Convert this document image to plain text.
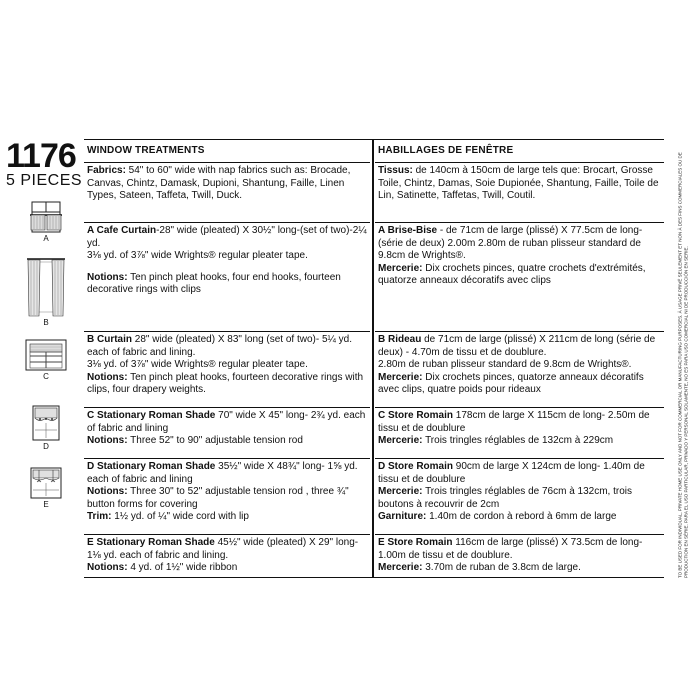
1176
5 PIECES
A
B
C
D
E
WINDOW TREATMENTS

Fabrics: 54" to 60" wide with nap fabrics such as: Brocade, Canvas, Chintz, Damask, Dupioni, Shantung, Faille, Linen Types, Sateen, Taffeta, Twill, Duck.

A Cafe Curtain-28" wide (pleated) X 30½" long-(set of two)-2¼ yd.

3⅛ yd. of 3⅞" wide Wrights® regular pleater tape.

Notions: Ten pinch pleat hooks, four end hooks, fourteen decorative rings with clips

B Curtain 28" wide (pleated) X 83" long (set of two)- 5¼ yd. each of fabric and lining.

3⅛ yd. of 3⅞" wide Wrights® regular pleater tape.

Notions: Ten pinch pleat hooks, fourteen decorative rings with clips, four drapery weights.

C Stationary Roman Shade 70" wide X 45" long- 2¾ yd. each of fabric and lining

Notions: Three 52" to 90" adjustable tension rod

D Stationary Roman Shade 35½" wide X 48¾" long- 1⅝ yd. each of fabric and lining

Notions: Three 30" to 52" adjustable tension rod , three ¾" button forms for covering

Trim: 1½ yd. of ¼" wide cord with lip

E Stationary Roman Shade 45½" wide (pleated) X 29" long- 1⅛ yd. each of fabric and lining.

Notions: 4 yd. of 1½" wide ribbon

HABILLAGES DE FENÊTRE

Tissus: de 140cm à 150cm de large tels que: Brocart, Grosse Toile, Chintz, Damas, Soie Dupionée, Shantung, Faille, Toile de Lin, Satinette, Taffetas, Twill, Coutil.

A Brise-Bise - de 71cm de large (plissé) X 77.5cm de long- (série de deux) 2.00m 2.80m de ruban plisseur standard de 9.8cm de Wrights®.

Mercerie: Dix crochets pinces, quatre crochets d'extrémités, quatorze anneaux décoratifs avec clips

B Rideau de 71cm de large (plissé) X 211cm de long (série de deux) - 4.70m de tissu et de doublure.

2.80m de ruban plisseur standard de 9.8cm de Wrights®.

Mercerie: Dix crochets pinces, quatorze anneaux décoratifs avec clips, quatre poids pour rideaux

C Store Romain 178cm de large X 115cm de long- 2.50m de tissu et de doublure

Mercerie: Trois tringles réglables de 132cm à 229cm

D Store Romain 90cm de large X 124cm de long- 1.40m de tissu et de doublure

Mercerie: Trois tringles réglables de 76cm à 132cm, trois boutons à recouvrir de 2cm

Garniture: 1.40m de cordon à rebord à 6mm de large

E Store Romain 116cm de large (plissé) X 73.5cm de long- 1.00m de tissu et de doublure.

Mercerie: 3.70m de ruban de 3.8cm de large.	TO BE USED FOR INDIVIDUAL, PRIVATE HOME USE ONLY AND NOT FOR COMMERCIAL OR MANUFACTURING PURPOSES. À USAGE PRIVÉ SEULEMENT ET NON À DES FINS COMMERCIALES OU DE PRODUCTION EN SÉRIE. PARA EL USO PARTICULAR, PRIVADO Y PERSONAL SOLAMENTE, NO ES PARA USO COMERCIAL NI DE PRODUCCIÓN EN SERIE.
